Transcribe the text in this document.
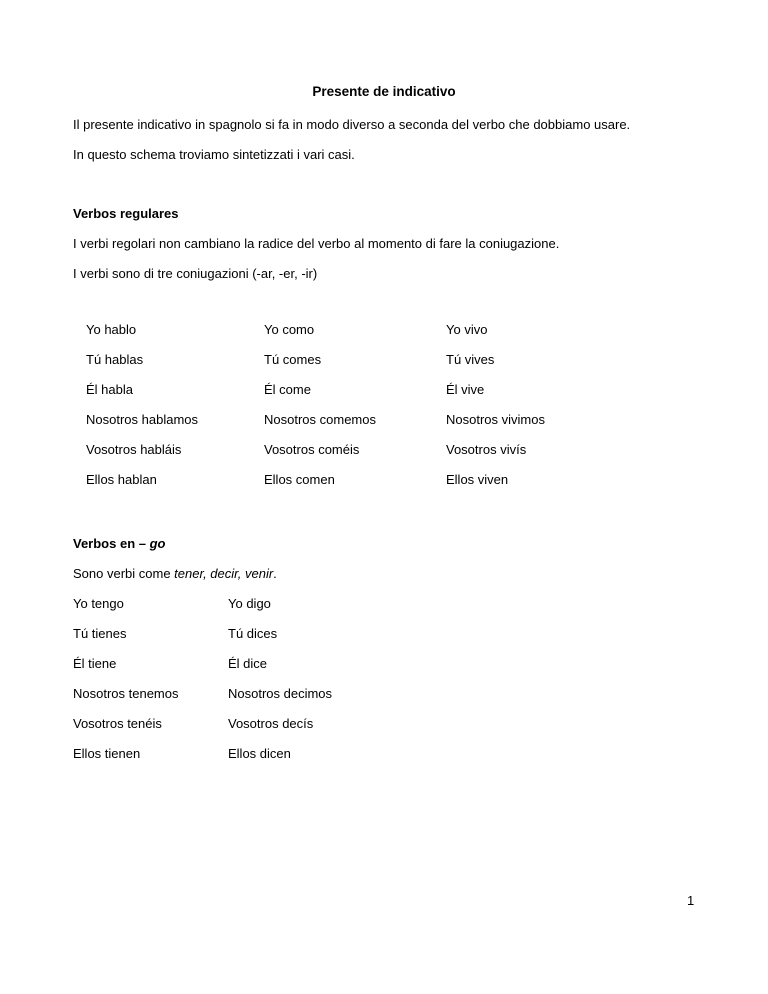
Presente de indicativo
Il presente indicativo in spagnolo si fa in modo diverso a seconda del verbo che dobbiamo usare.
In questo schema troviamo sintetizzati i vari casi.
Verbos regulares
I verbi regolari non cambiano la radice del verbo al momento di fare la coniugazione.
I verbi sono di tre coniugazioni (-ar, -er, -ir)
Yo hablo	Yo como	Yo vivo
Tú hablas	Tú comes	Tú vives
Él habla	Él come	Él vive
Nosotros hablamos	Nosotros comemos	Nosotros vivimos
Vosotros habláis	Vosotros coméis	Vosotros vivís
Ellos hablan	Ellos comen	Ellos viven
Verbos en – go
Sono verbi come tener, decir, venir.
Yo tengo	Yo digo
Tú tienes	Tú dices
Él tiene	Él dice
Nosotros tenemos	Nosotros decimos
Vosotros tenéis	Vosotros decís
Ellos tienen	Ellos dicen
1
